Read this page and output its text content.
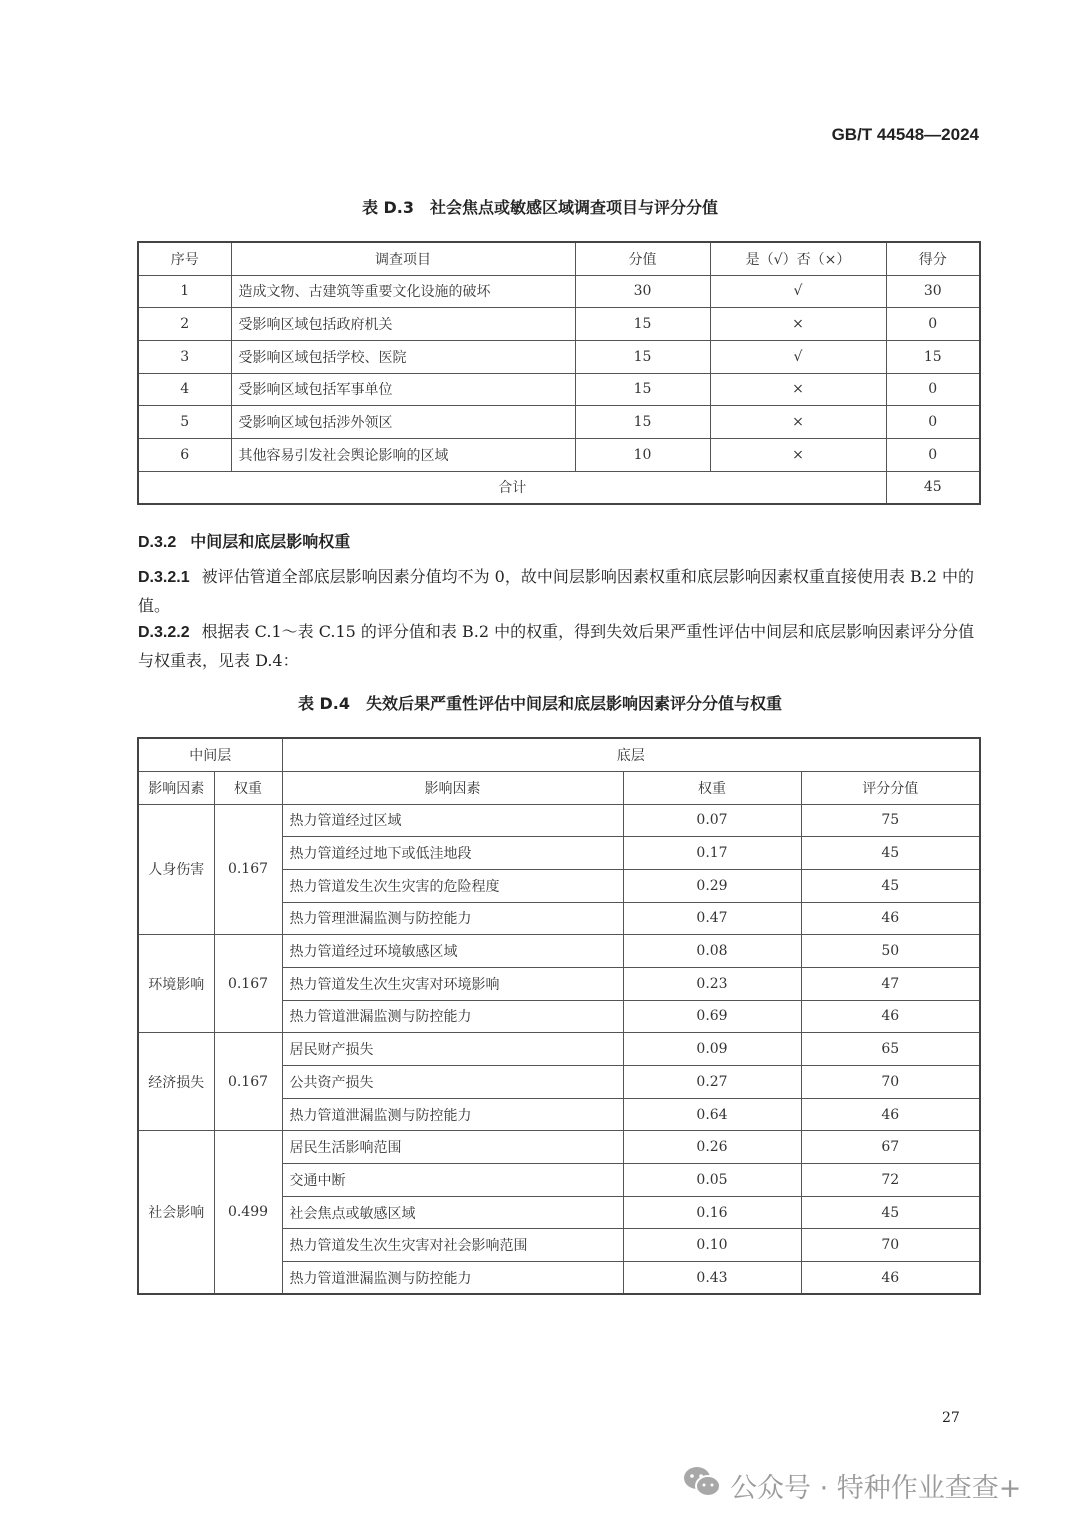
GB/T 44548—2024
表 D.3　社会焦点或敏感区域调查项目与评分分值
序号	调查项目	分值	是（√）否（×）	得分
1	造成文物、古建筑等重要文化设施的破坏	30	√	30
2	受影响区域包括政府机关	15	×	0
3	受影响区域包括学校、医院	15	√	15
4	受影响区域包括军事单位	15	×	0
5	受影响区域包括涉外领区	15	×	0
6	其他容易引发社会舆论影响的区域	10	×	0
合计				45
D.3.2 中间层和底层影响权重
D.3.2.1 被评估管道全部底层影响因素分值均不为 0，故中间层影响因素权重和底层影响因素权重直接使用表 B.2 中的值。
D.3.2.2 根据表 C.1～表 C.15 的评分值和表 B.2 中的权重，得到失效后果严重性评估中间层和底层影响因素评分分值与权重表，见表 D.4：
表 D.4　失效后果严重性评估中间层和底层影响因素评分分值与权重
中间层		底层		
影响因素	权重	影响因素	权重	评分分值
人身伤害	0.167	热力管道经过区域	0.07	75
		热力管道经过地下或低洼地段	0.17	45
		热力管道发生次生灾害的危险程度	0.29	45
		热力管理泄漏监测与防控能力	0.47	46
环境影响	0.167	热力管道经过环境敏感区域	0.08	50
		热力管道发生次生灾害对环境影响	0.23	47
		热力管道泄漏监测与防控能力	0.69	46
经济损失	0.167	居民财产损失	0.09	65
		公共资产损失	0.27	70
		热力管道泄漏监测与防控能力	0.64	46
社会影响	0.499	居民生活影响范围	0.26	67
		交通中断	0.05	72
		社会焦点或敏感区域	0.16	45
		热力管道发生次生灾害对社会影响范围	0.10	70
		热力管道泄漏监测与防控能力	0.43	46
27
公众号 · 特种作业查查+
